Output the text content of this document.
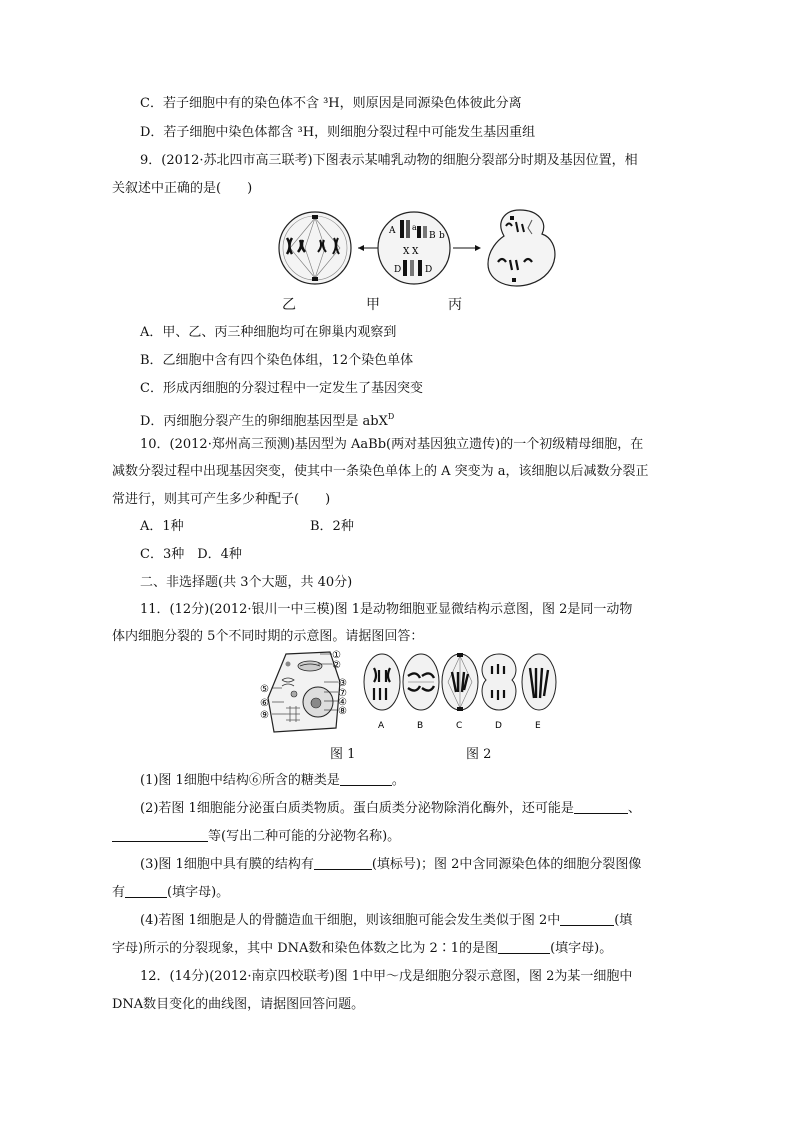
C．若子细胞中有的染色体不含 ³H，则原因是同源染色体彼此分离
D．若子细胞中染色体都含 ³H，则细胞分裂过程中可能发生基因重组
9．(2012·苏北四市高三联考)下图表示某哺乳动物的细胞分裂部分时期及基因位置，相
关叙述中正确的是(　　)
A a
B b
X X
D	D
乙	甲	丙
A．甲、乙、丙三种细胞均可在卵巢内观察到
B．乙细胞中含有四个染色体组，12个染色单体
C．形成丙细胞的分裂过程中一定发生了基因突变
D．丙细胞分裂产生的卵细胞基因型是 abX$^D$
10．(2012·郑州高三预测)基因型为 AaBb(两对基因独立遗传)的一个初级精母细胞，在
减数分裂过程中出现基因突变，使其中一条染色单体上的 A 突变为 a，该细胞以后减数分裂正
常进行，则其可产生多少种配子(　　)
A．1种	B．2种
C．3种　D．4种
二、非选择题(共 3个大题，共 40分)
11．(12分)(2012·银川一中三模)图 1是动物细胞亚显微结构示意图，图 2是同一动物
体内细胞分裂的 5个不同时期的示意图。请据图回答：
①
②
③
⑦
④
⑧
⑤
⑥
⑨
A	B	C	D	E
图 1	图 2
(1)图 1细胞中结构⑥所含的糖类是	。
(2)若图 1细胞能分泌蛋白质类物质。蛋白质类分泌物除消化酶外，还可能是	、
等(写出二种可能的分泌物名称)。
(3)图 1细胞中具有膜的结构有	(填标号)；图 2中含同源染色体的细胞分裂图像
有	(填字母)。
(4)若图 1细胞是人的骨髓造血干细胞，则该细胞可能会发生类似于图 2中	(填
字母)所示的分裂现象，其中 DNA数和染色体数之比为 2∶1的是图	(填字母)。
12．(14分)(2012·南京四校联考)图 1中甲～戊是细胞分裂示意图，图 2为某一细胞中
DNA数目变化的曲线图，请据图回答问题。
